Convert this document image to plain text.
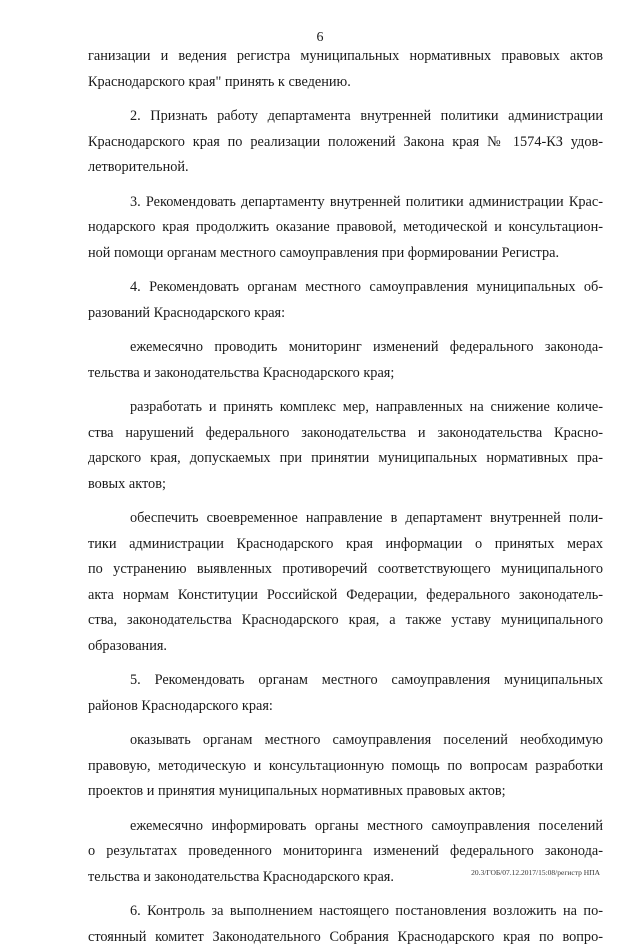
6
ганизации и ведения регистра муниципальных нормативных правовых актов
Краснодарского края" принять к сведению.
2. Признать работу департамента внутренней политики администрации
Краснодарского края по реализации положений Закона края № 1574-КЗ удов-
летворительной.
3. Рекомендовать департаменту внутренней политики администрации Крас-
нодарского края продолжить оказание правовой, методической и консультацион-
ной помощи органам местного самоуправления при формировании Регистра.
4. Рекомендовать органам местного самоуправления муниципальных об-
разований Краснодарского края:
ежемесячно проводить мониторинг изменений федерального законода-
тельства и законодательства Краснодарского края;
разработать и принять комплекс мер, направленных на снижение количе-
ства нарушений федерального законодательства и законодательства Красно-
дарского края, допускаемых при принятии муниципальных нормативных пра-
вовых актов;
обеспечить своевременное направление в департамент внутренней поли-
тики администрации Краснодарского края информации о принятых мерах
по устранению выявленных противоречий соответствующего муниципального
акта нормам Конституции Российской Федерации, федерального законодатель-
ства, законодательства Краснодарского края, а также уставу муниципального
образования.
5. Рекомендовать органам местного самоуправления муниципальных
районов Краснодарского края:
оказывать органам местного самоуправления поселений необходимую
правовую, методическую и консультационную помощь по вопросам разработки
проектов и принятия муниципальных нормативных правовых актов;
ежемесячно информировать органы местного самоуправления поселений
о результатах проведенного мониторинга изменений федерального законода-
тельства и законодательства Краснодарского края.
6. Контроль за выполнением настоящего постановления возложить на по-
стоянный комитет Законодательного Собрания Краснодарского края по вопро-
20.3/ГОБ/07.12.2017/15:08/регистр НПА
